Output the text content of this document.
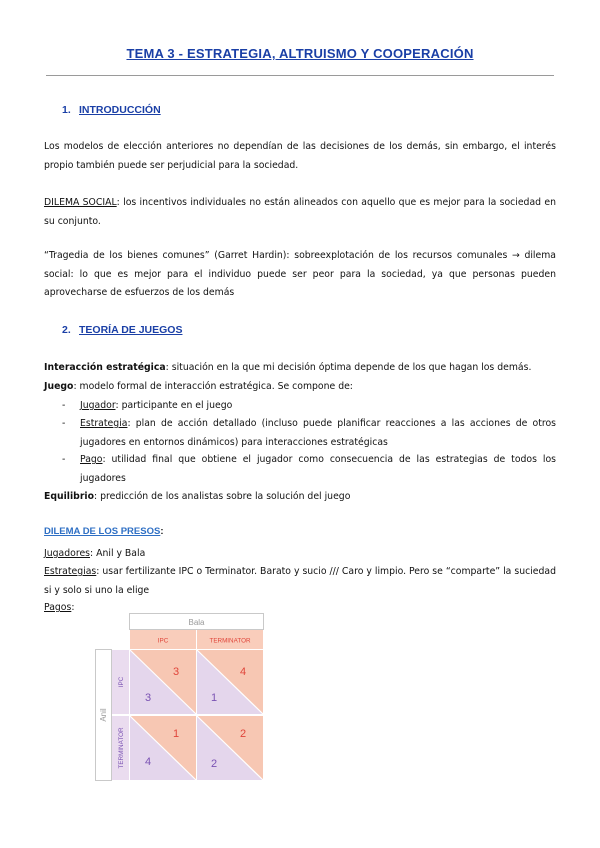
TEMA 3 - ESTRATEGIA, ALTRUISMO Y COOPERACIÓN
1. INTRODUCCIÓN
Los modelos de elección anteriores no dependían de las decisiones de los demás, sin embargo, el interés propio también puede ser perjudicial para la sociedad.
DILEMA SOCIAL: los incentivos individuales no están alineados con aquello que es mejor para la sociedad en su conjunto.
“Tragedia de los bienes comunes” (Garret Hardin): sobreexplotación de los recursos comunales → dilema social: lo que es mejor para el individuo puede ser peor para la sociedad, ya que personas pueden aprovecharse de esfuerzos de los demás
2. TEORÍA DE JUEGOS
Interacción estratégica: situación en la que mi decisión óptima depende de los que hagan los demás.
Juego: modelo formal de interacción estratégica. Se compone de:
- Jugador: participante en el juego
- Estrategia: plan de acción detallado (incluso puede planificar reacciones a las acciones de otros jugadores en entornos dinámicos) para interacciones estratégicas
- Pago: utilidad final que obtiene el jugador como consecuencia de las estrategias de todos los jugadores
Equilibrio: predicción de los analistas sobre la solución del juego
DILEMA DE LOS PRESOS:
Jugadores: Anil y Bala
Estrategias: usar fertilizante IPC o Terminator. Barato y sucio /// Caro y limpio. Pero se “comparte” la suciedad si y solo si uno la elige
Pagos:
Bala
Anil
IPC	TERMINATOR
IPC
TERMINATOR
3
3
4
1
1
4
2
2
